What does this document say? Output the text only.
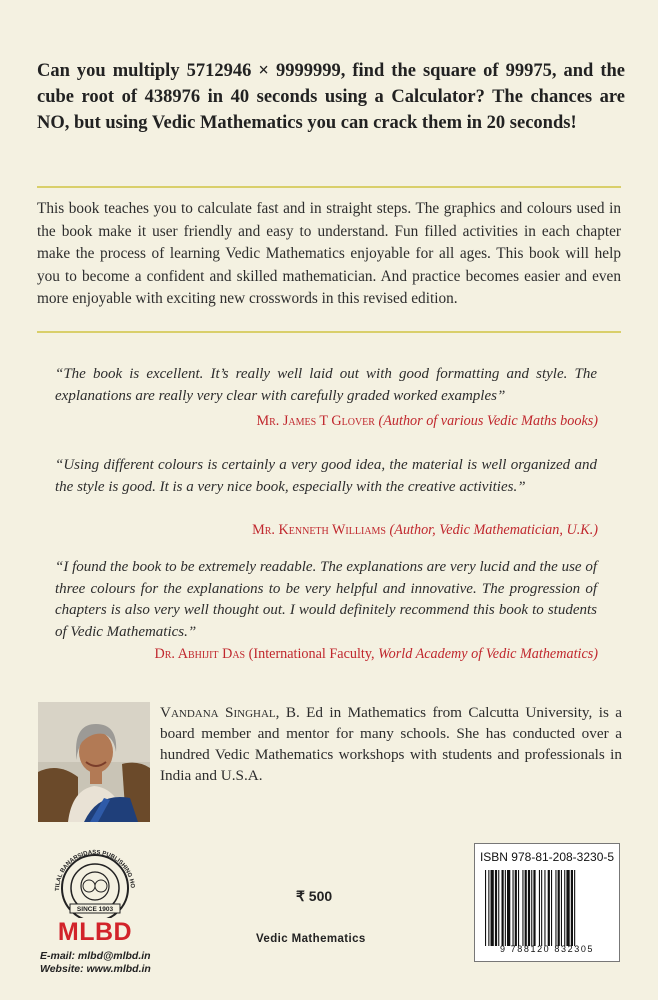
Can you multiply 5712946 × 9999999, find the square of 99975, and the cube root of 438976 in 40 seconds using a Calculator? The chances are NO, but using Vedic Mathematics you can crack them in 20 seconds!
This book teaches you to calculate fast and in straight steps. The graphics and colours used in the book make it user friendly and easy to understand. Fun filled activities in each chapter make the process of learning Vedic Mathematics enjoyable for all ages. This book will help you to become a confident and skilled mathematician. And practice becomes easier and even more enjoyable with exciting new crosswords in this revised edition.
“The book is excellent. It’s really well laid out with good formatting and style. The explanations are really very clear with carefully graded worked examples”
Mr. James T Glover (Author of various Vedic Maths books)
“Using different colours is certainly a very good idea, the material is well organized and the style is good. It is a very nice book, especially with the creative activities.”
Mr. Kenneth Williams (Author, Vedic Mathematician, U.K.)
“I found the book to be extremely readable. The explanations are very lucid and the use of three colours for the explanations to be very helpful and innovative. The progression of chapters is also very well thought out. I would definitely recommend this book to students of Vedic Mathematics.”
Dr. Abhijit Das (International Faculty, World Academy of Vedic Mathematics)
Vandana Singhal, B. Ed in Mathematics from Calcutta University, is a board member and mentor for many schools. She has conducted over a hundred Vedic Mathematics workshops with students and professionals in India and U.S.A.
TILAL BANARSIDASS PUBLISHING HO
SINCE 1903
MLBD
E-mail: mlbd@mlbd.in
Website: www.mlbd.in
₹ 500
Vedic Mathematics
ISBN 978-81-208-3230-5
9 788120 832305
